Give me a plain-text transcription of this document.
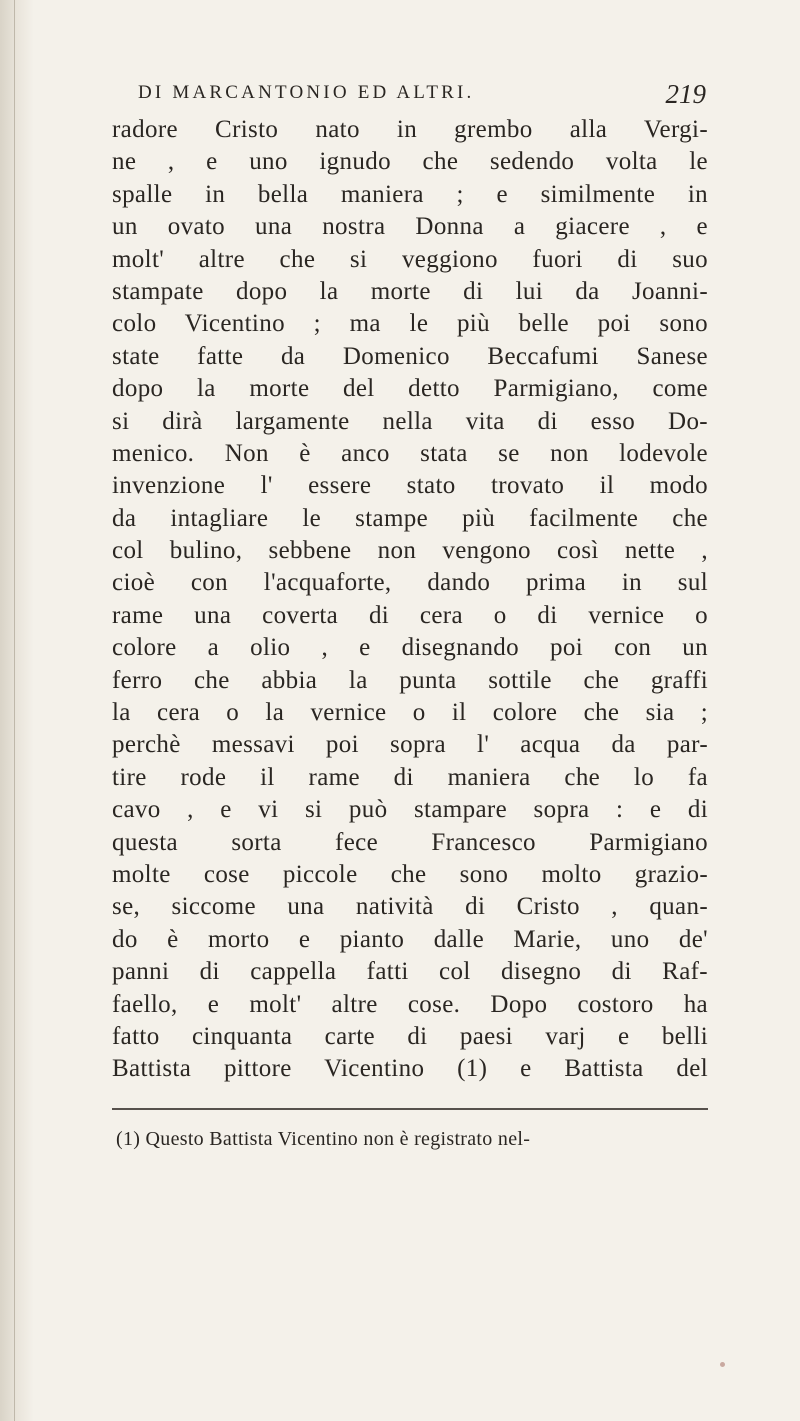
DI MARCANTONIO ED ALTRI.	219
radore Cristo nato in grembo alla Vergi-
ne , e uno ignudo che sedendo volta le
spalle in bella maniera ; e similmente in
un ovato una nostra Donna a giacere , e
molt' altre che si veggiono fuori di suo
stampate dopo la morte di lui da Joanni-
colo Vicentino ; ma le più belle poi sono
state fatte da Domenico Beccafumi Sanese
dopo la morte del detto Parmigiano, come
si dirà largamente nella vita di esso Do-
menico. Non è anco stata se non lodevole
invenzione l' essere stato trovato il modo
da intagliare le stampe più facilmente che
col bulino, sebbene non vengono così nette ,
cioè con l'acquaforte, dando prima in sul
rame una coverta di cera o di vernice o
colore a olio , e disegnando poi con un
ferro che abbia la punta sottile che graffi
la cera o la vernice o il colore che sia ;
perchè messavi poi sopra l' acqua da par-
tire rode il rame di maniera che lo fa
cavo , e vi si può stampare sopra : e di
questa sorta fece Francesco Parmigiano
molte cose piccole che sono molto grazio-
se, siccome una natività di Cristo , quan-
do è morto e pianto dalle Marie, uno de'
panni di cappella fatti col disegno di Raf-
faello, e molt' altre cose. Dopo costoro ha
fatto cinquanta carte di paesi varj e belli
Battista pittore Vicentino (1) e Battista del
(1) Questo Battista Vicentino non è registrato nel-
